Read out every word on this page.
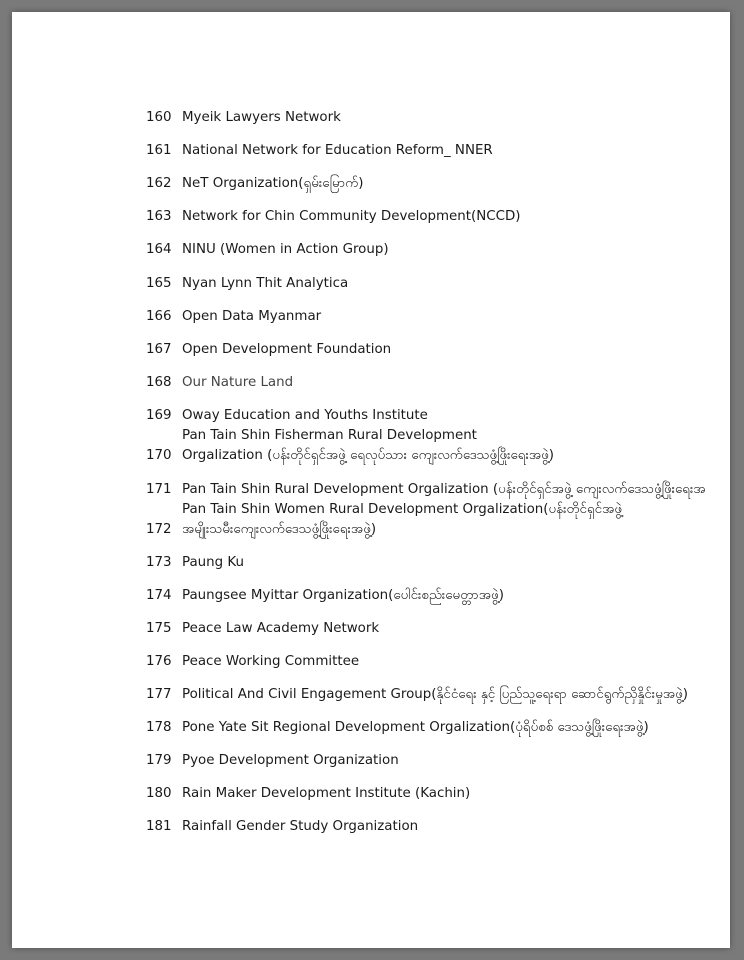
160 Myeik Lawyers Network
161 National Network for Education Reform_ NNER
162 NeT Organization(ရှမ်းမြောက်)
163 Network for Chin Community Development(NCCD)
164 NINU (Women in Action Group)
165 Nyan Lynn Thit Analytica
166 Open Data Myanmar
167 Open Development Foundation
168 Our Nature Land
169 Oway Education and Youths Institute
170
Pan Tain Shin Fisherman Rural Development
Orgalization (ပန်းတိုင်ရှင်အဖွဲ့ ရေလုပ်သား ကျေးလက်ဒေသဖွံ့ဖြိုးရေးအဖွဲ့)
171 Pan Tain Shin Rural Development Orgalization (ပန်းတိုင်ရှင်အဖွဲ့ ကျေးလက်ဒေသဖွံ့ဖြိုးရေးအ
172
Pan Tain Shin Women Rural Development Orgalization(ပန်းတိုင်ရှင်အဖွဲ့
အမျိုးသမီးကျေးလက်ဒေသဖွံ့ဖြိုးရေးအဖွဲ့)
173 Paung Ku
174 Paungsee Myittar Organization(ပေါင်းစည်းမေတ္တာအဖွဲ့)
175 Peace Law Academy Network
176 Peace Working Committee
177 Political And Civil Engagement Group(နိုင်ငံရေး နှင့် ပြည်သူ့ရေးရာ ဆောင်ရွက်ညှိနှိုင်းမှုအဖွဲ့)
178 Pone Yate Sit Regional Development Orgalization(ပုံရိပ်စစ် ဒေသဖွံ့ဖြိုးရေးအဖွဲ့)
179 Pyoe Development Organization
180 Rain Maker Development Institute (Kachin)
181 Rainfall Gender Study Organization
